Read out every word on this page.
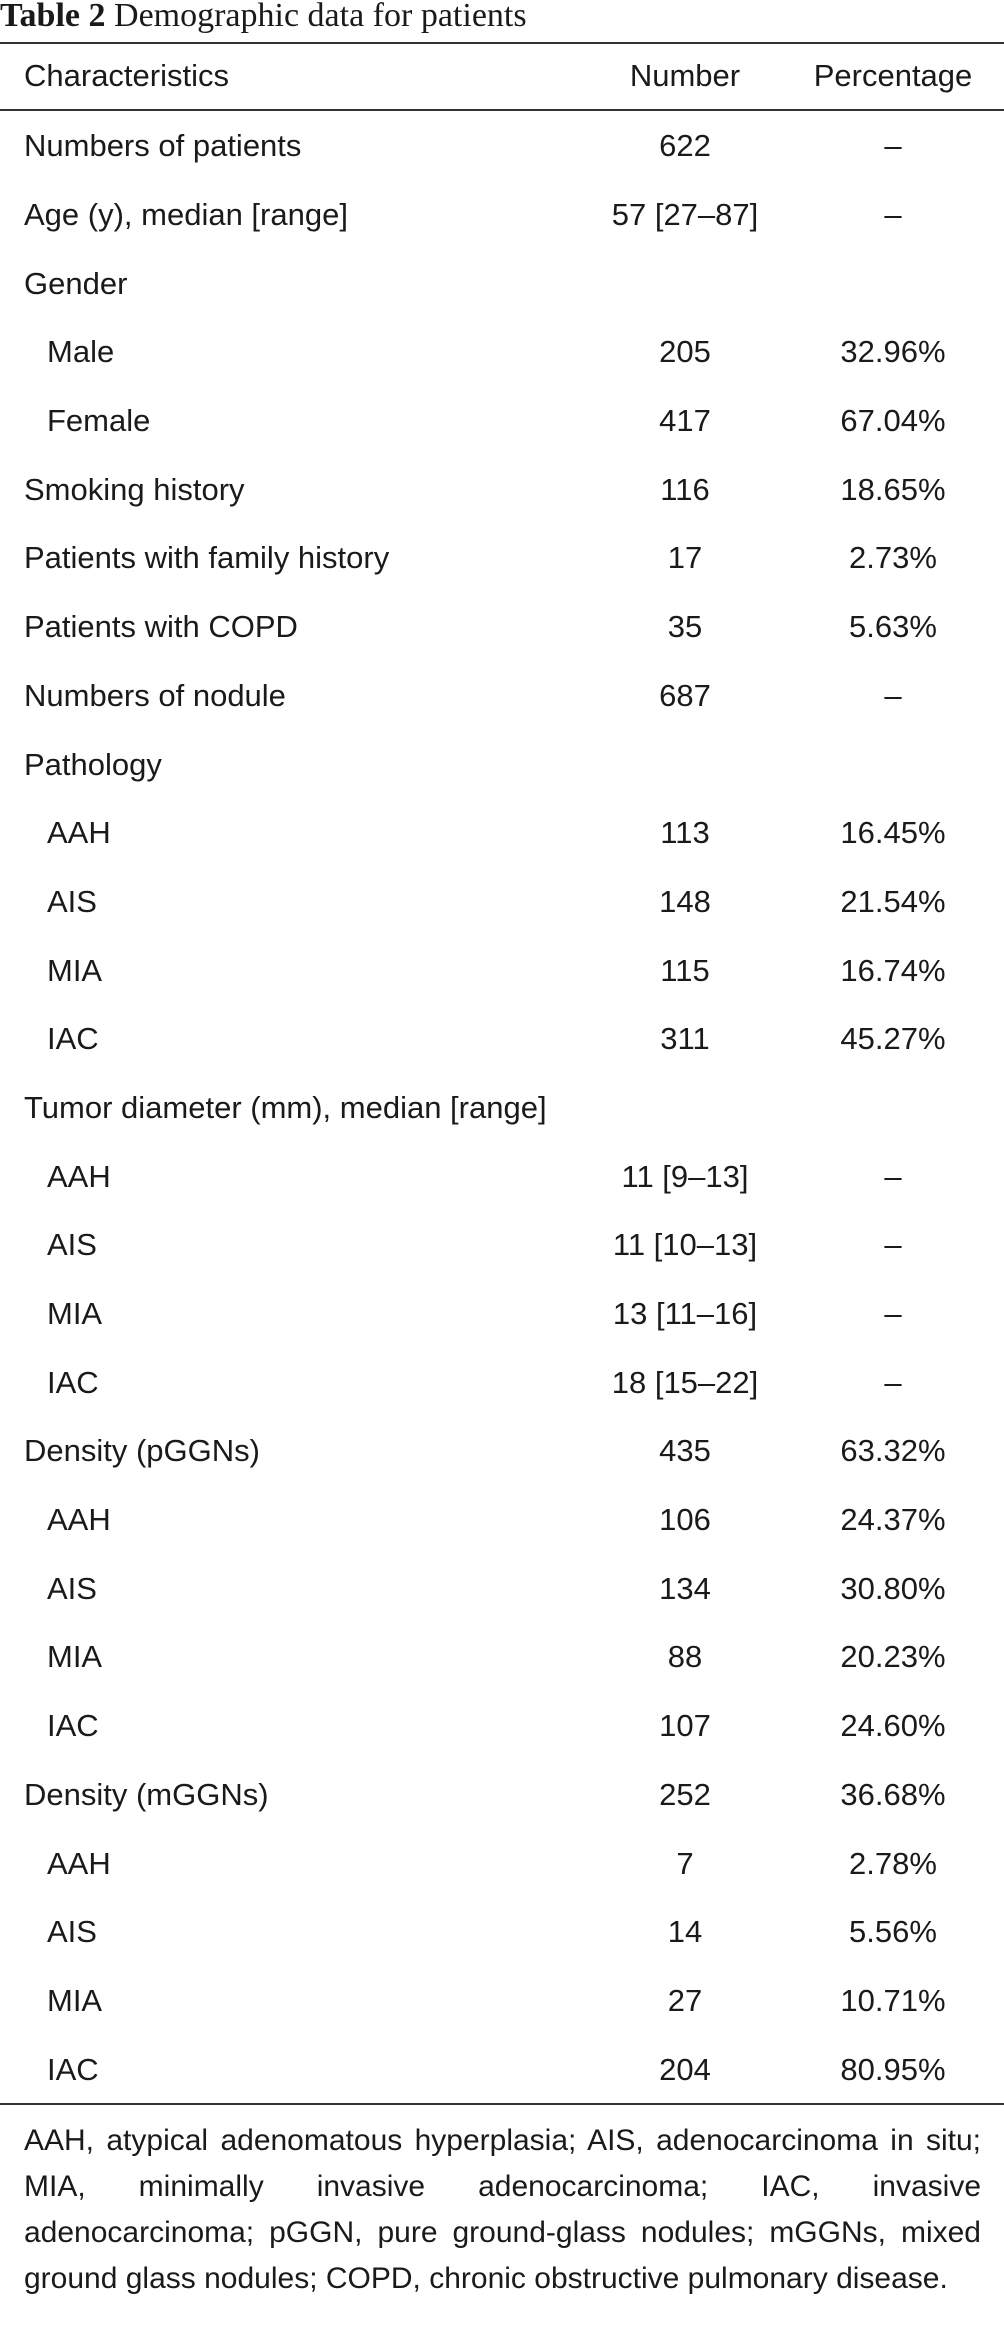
Table 2 Demographic data for patients
Characteristics	Number	Percentage
Numbers of patients	622	–
Age (y), median [range]	57 [27–87]	–
Gender
Male	205	32.96%
Female	417	67.04%
Smoking history	116	18.65%
Patients with family history	17	2.73%
Patients with COPD	35	5.63%
Numbers of nodule	687	–
Pathology
AAH	113	16.45%
AIS	148	21.54%
MIA	115	16.74%
IAC	311	45.27%
Tumor diameter (mm), median [range]
AAH	11 [9–13]	–
AIS	11 [10–13]	–
MIA	13 [11–16]	–
IAC	18 [15–22]	–
Density (pGGNs)	435	63.32%
AAH	106	24.37%
AIS	134	30.80%
MIA	88	20.23%
IAC	107	24.60%
Density (mGGNs)	252	36.68%
AAH	7	2.78%
AIS	14	5.56%
MIA	27	10.71%
IAC	204	80.95%
AAH, atypical adenomatous hyperplasia; AIS, adenocarcinoma in situ; MIA, minimally invasive adenocarcinoma; IAC, invasive adenocarcinoma; pGGN, pure ground-glass nodules; mGGNs, mixed ground glass nodules; COPD, chronic obstructive pulmonary disease.
